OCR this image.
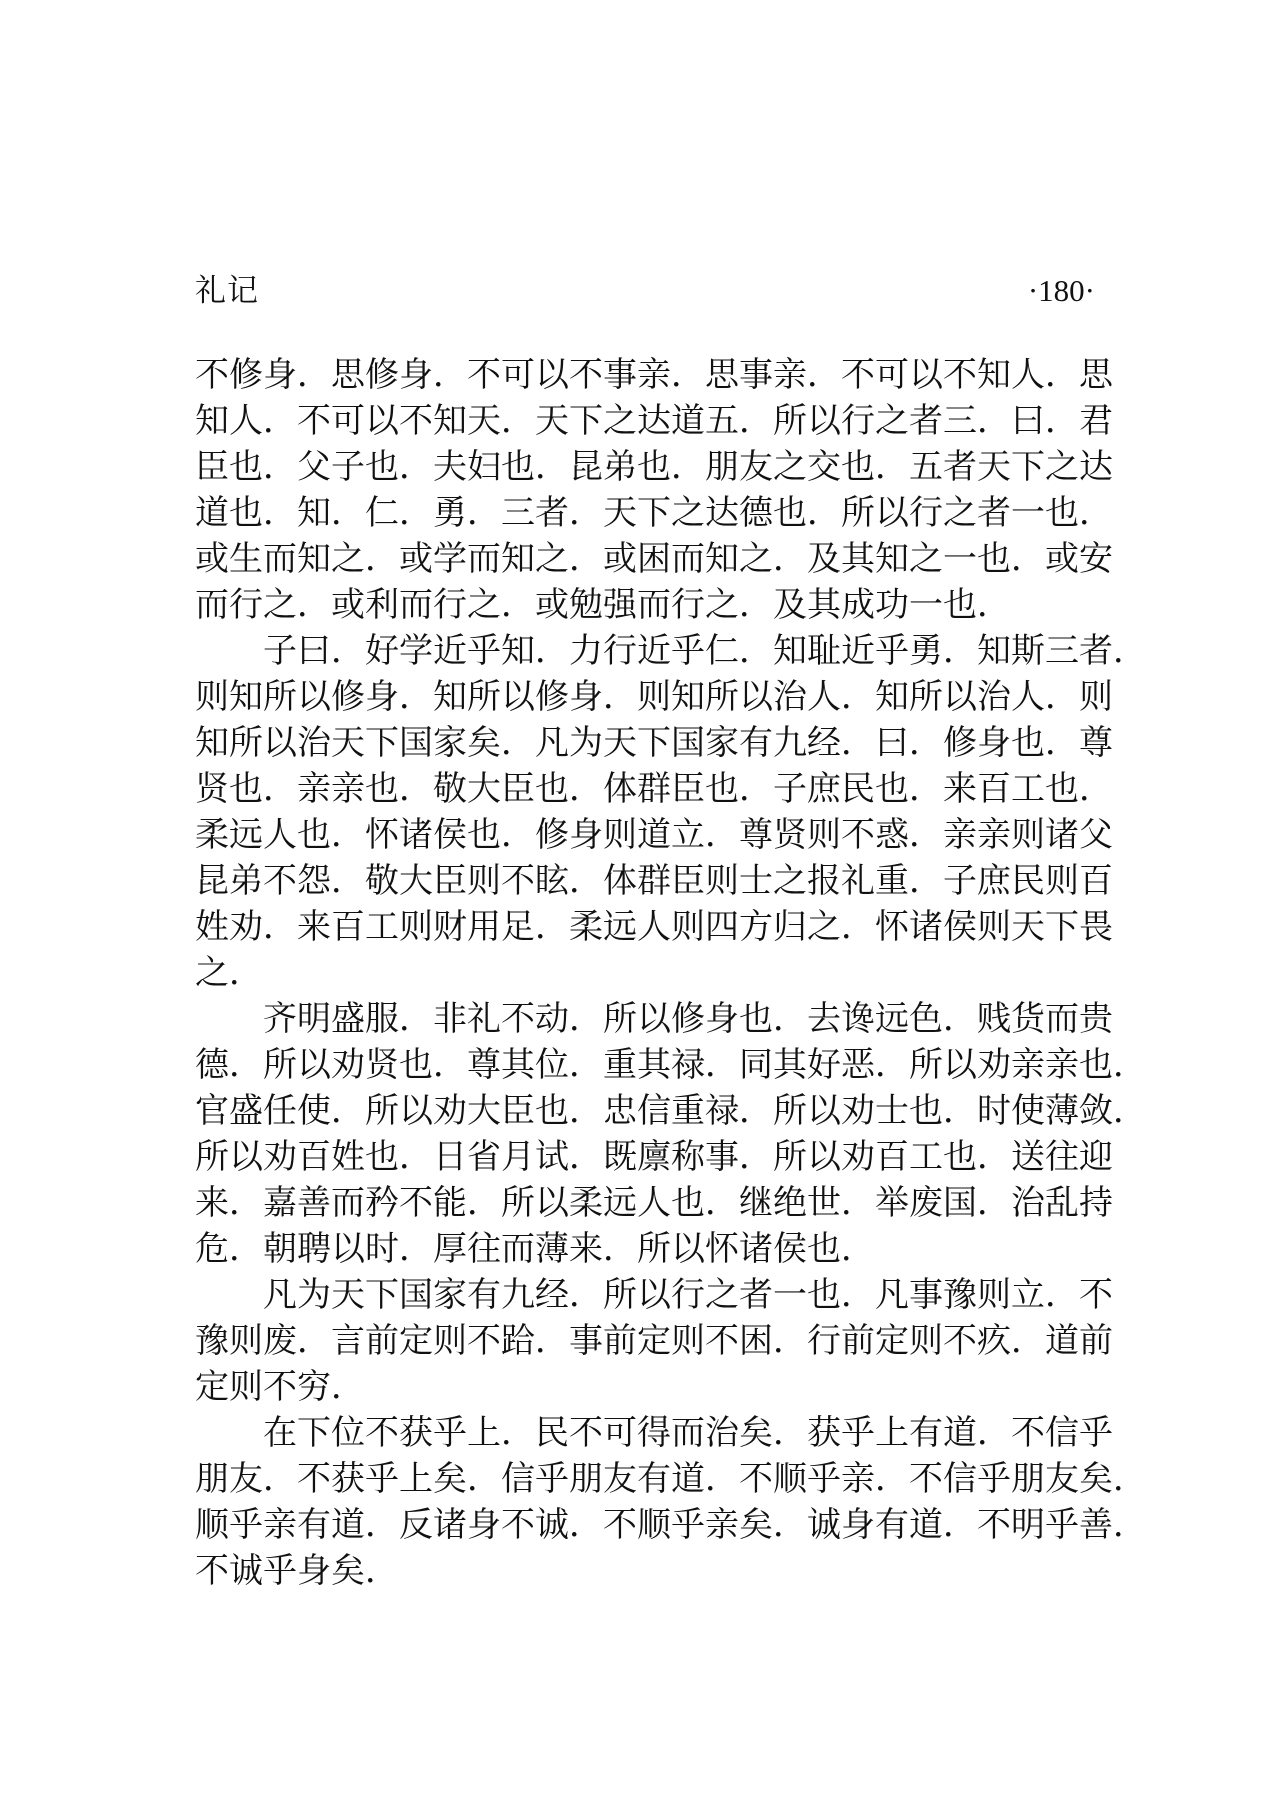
礼记	·180·
不修身．思修身．不可以不事亲．思事亲．不可以不知人．思
知人．不可以不知天．天下之达道五．所以行之者三．曰．君
臣也．父子也．夫妇也．昆弟也．朋友之交也．五者天下之达
道也．知．仁．勇．三者．天下之达德也．所以行之者一也．
或生而知之．或学而知之．或困而知之．及其知之一也．或安
而行之．或利而行之．或勉强而行之．及其成功一也．
子曰．好学近乎知．力行近乎仁．知耻近乎勇．知斯三者．
则知所以修身．知所以修身．则知所以治人．知所以治人．则
知所以治天下国家矣．凡为天下国家有九经．曰．修身也．尊
贤也．亲亲也．敬大臣也．体群臣也．子庶民也．来百工也．
柔远人也．怀诸侯也．修身则道立．尊贤则不惑．亲亲则诸父
昆弟不怨．敬大臣则不眩．体群臣则士之报礼重．子庶民则百
姓劝．来百工则财用足．柔远人则四方归之．怀诸侯则天下畏
之．
齐明盛服．非礼不动．所以修身也．去谗远色．贱货而贵
德．所以劝贤也．尊其位．重其禄．同其好恶．所以劝亲亲也．
官盛任使．所以劝大臣也．忠信重禄．所以劝士也．时使薄敛．
所以劝百姓也．日省月试．既廪称事．所以劝百工也．送往迎
来．嘉善而矜不能．所以柔远人也．继绝世．举废国．治乱持
危．朝聘以时．厚往而薄来．所以怀诸侯也．
凡为天下国家有九经．所以行之者一也．凡事豫则立．不
豫则废．言前定则不跲．事前定则不困．行前定则不疚．道前
定则不穷．
在下位不获乎上．民不可得而治矣．获乎上有道．不信乎
朋友．不获乎上矣．信乎朋友有道．不顺乎亲．不信乎朋友矣．
顺乎亲有道．反诸身不诚．不顺乎亲矣．诚身有道．不明乎善．
不诚乎身矣．
